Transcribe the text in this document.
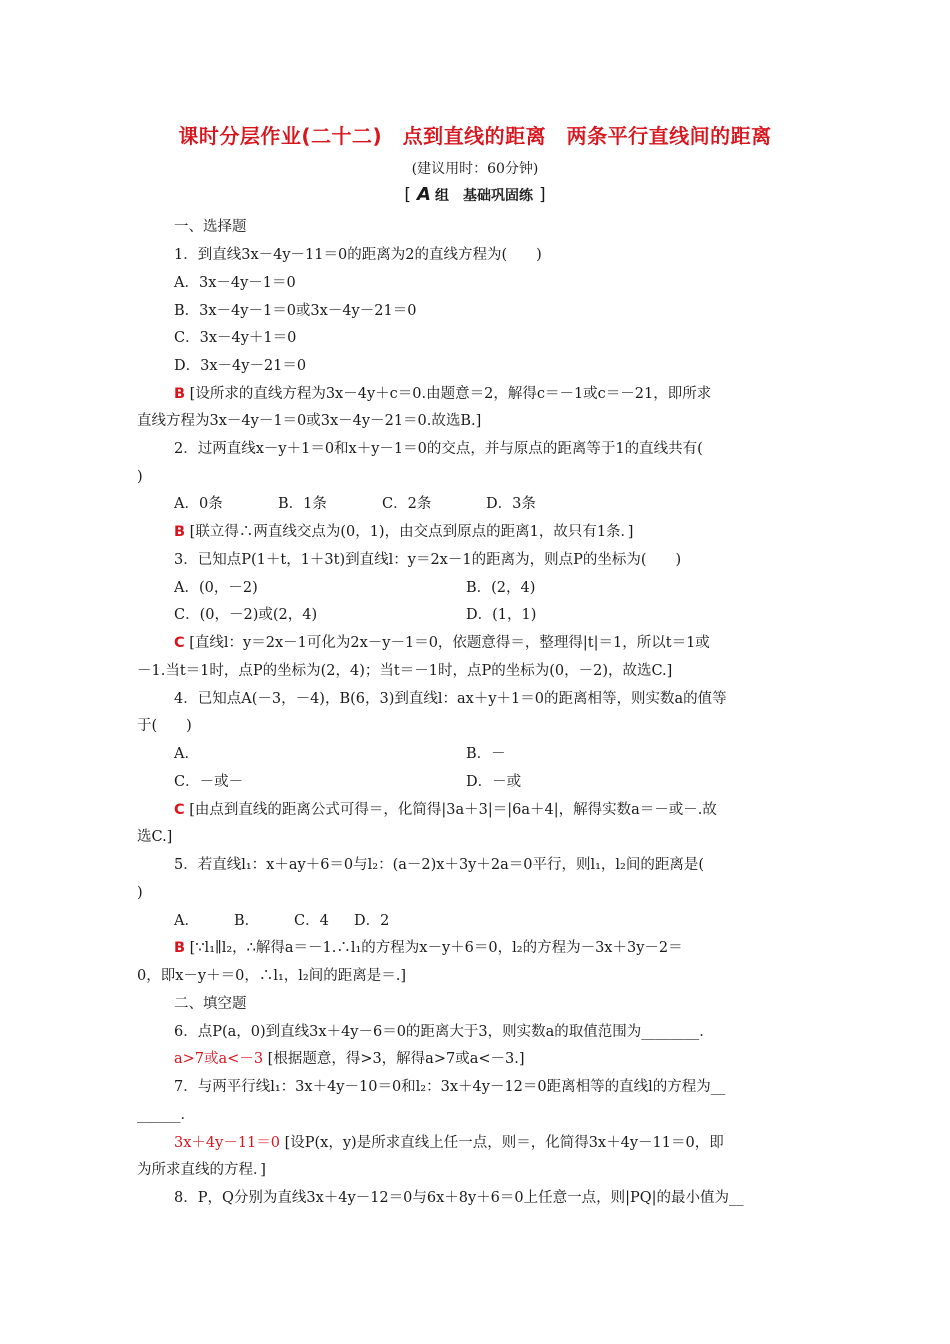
课时分层作业(二十二)　点到直线的距离　两条平行直线间的距离
(建议用时：60分钟)
[ A 组　基础巩固练 ]
一、选择题
1．到直线3x－4y－11＝0的距离为2的直线方程为(　　)
A．3x－4y－1＝0
B．3x－4y－1＝0或3x－4y－21＝0
C．3x－4y＋1＝0
D．3x－4y－21＝0
B [设所求的直线方程为3x－4y＋c＝0.由题意＝2，解得c＝－1或c＝－21，即所求
直线方程为3x－4y－1＝0或3x－4y－21＝0.故选B.]
2．过两直线x－y＋1＝0和x＋y－1＝0的交点，并与原点的距离等于1的直线共有(
)
A．0条	B．1条	C．2条	D．3条
B [联立得∴两直线交点为(0，1)，由交点到原点的距离1，故只有1条．]
3．已知点P(1＋t，1＋3t)到直线l：y＝2x－1的距离为，则点P的坐标为(　　)
A．(0，－2)	B．(2，4)
C．(0，－2)或(2，4)	D．(1，1)
C [直线l：y＝2x－1可化为2x－y－1＝0，依题意得＝，整理得|t|＝1，所以t＝1或
－1.当t＝1时，点P的坐标为(2，4)；当t＝－1时，点P的坐标为(0，－2)，故选C.]
4．已知点A(－3，－4)，B(6，3)到直线l：ax＋y＋1＝0的距离相等，则实数a的值等
于(　　)
A．	B．－
C．－或－	D．－或
C [由点到直线的距离公式可得＝，化简得|3a＋3|＝|6a＋4|，解得实数a＝－或－.故
选C.]
5．若直线l₁：x＋ay＋6＝0与l₂：(a－2)x＋3y＋2a＝0平行，则l₁，l₂间的距离是(
)
A． B． C．4 D．2
B [∵l₁∥l₂，∴解得a＝－1.∴l₁的方程为x－y＋6＝0，l₂的方程为－3x＋3y－2＝
0，即x－y＋＝0，∴l₁，l₂间的距离是＝.]
二、填空题
6．点P(a，0)到直线3x＋4y－6＝0的距离大于3，则实数a的取值范围为________．
a>7或a<－3 [根据题意，得>3，解得a>7或a<－3.]
7．与两平行线l₁：3x＋4y－10＝0和l₂：3x＋4y－12＝0距离相等的直线l的方程为__
______．
3x＋4y－11＝0 [设P(x，y)是所求直线上任一点，则＝，化简得3x＋4y－11＝0，即
为所求直线的方程．]
8．P，Q分别为直线3x＋4y－12＝0与6x＋8y＋6＝0上任意一点，则|PQ|的最小值为__
